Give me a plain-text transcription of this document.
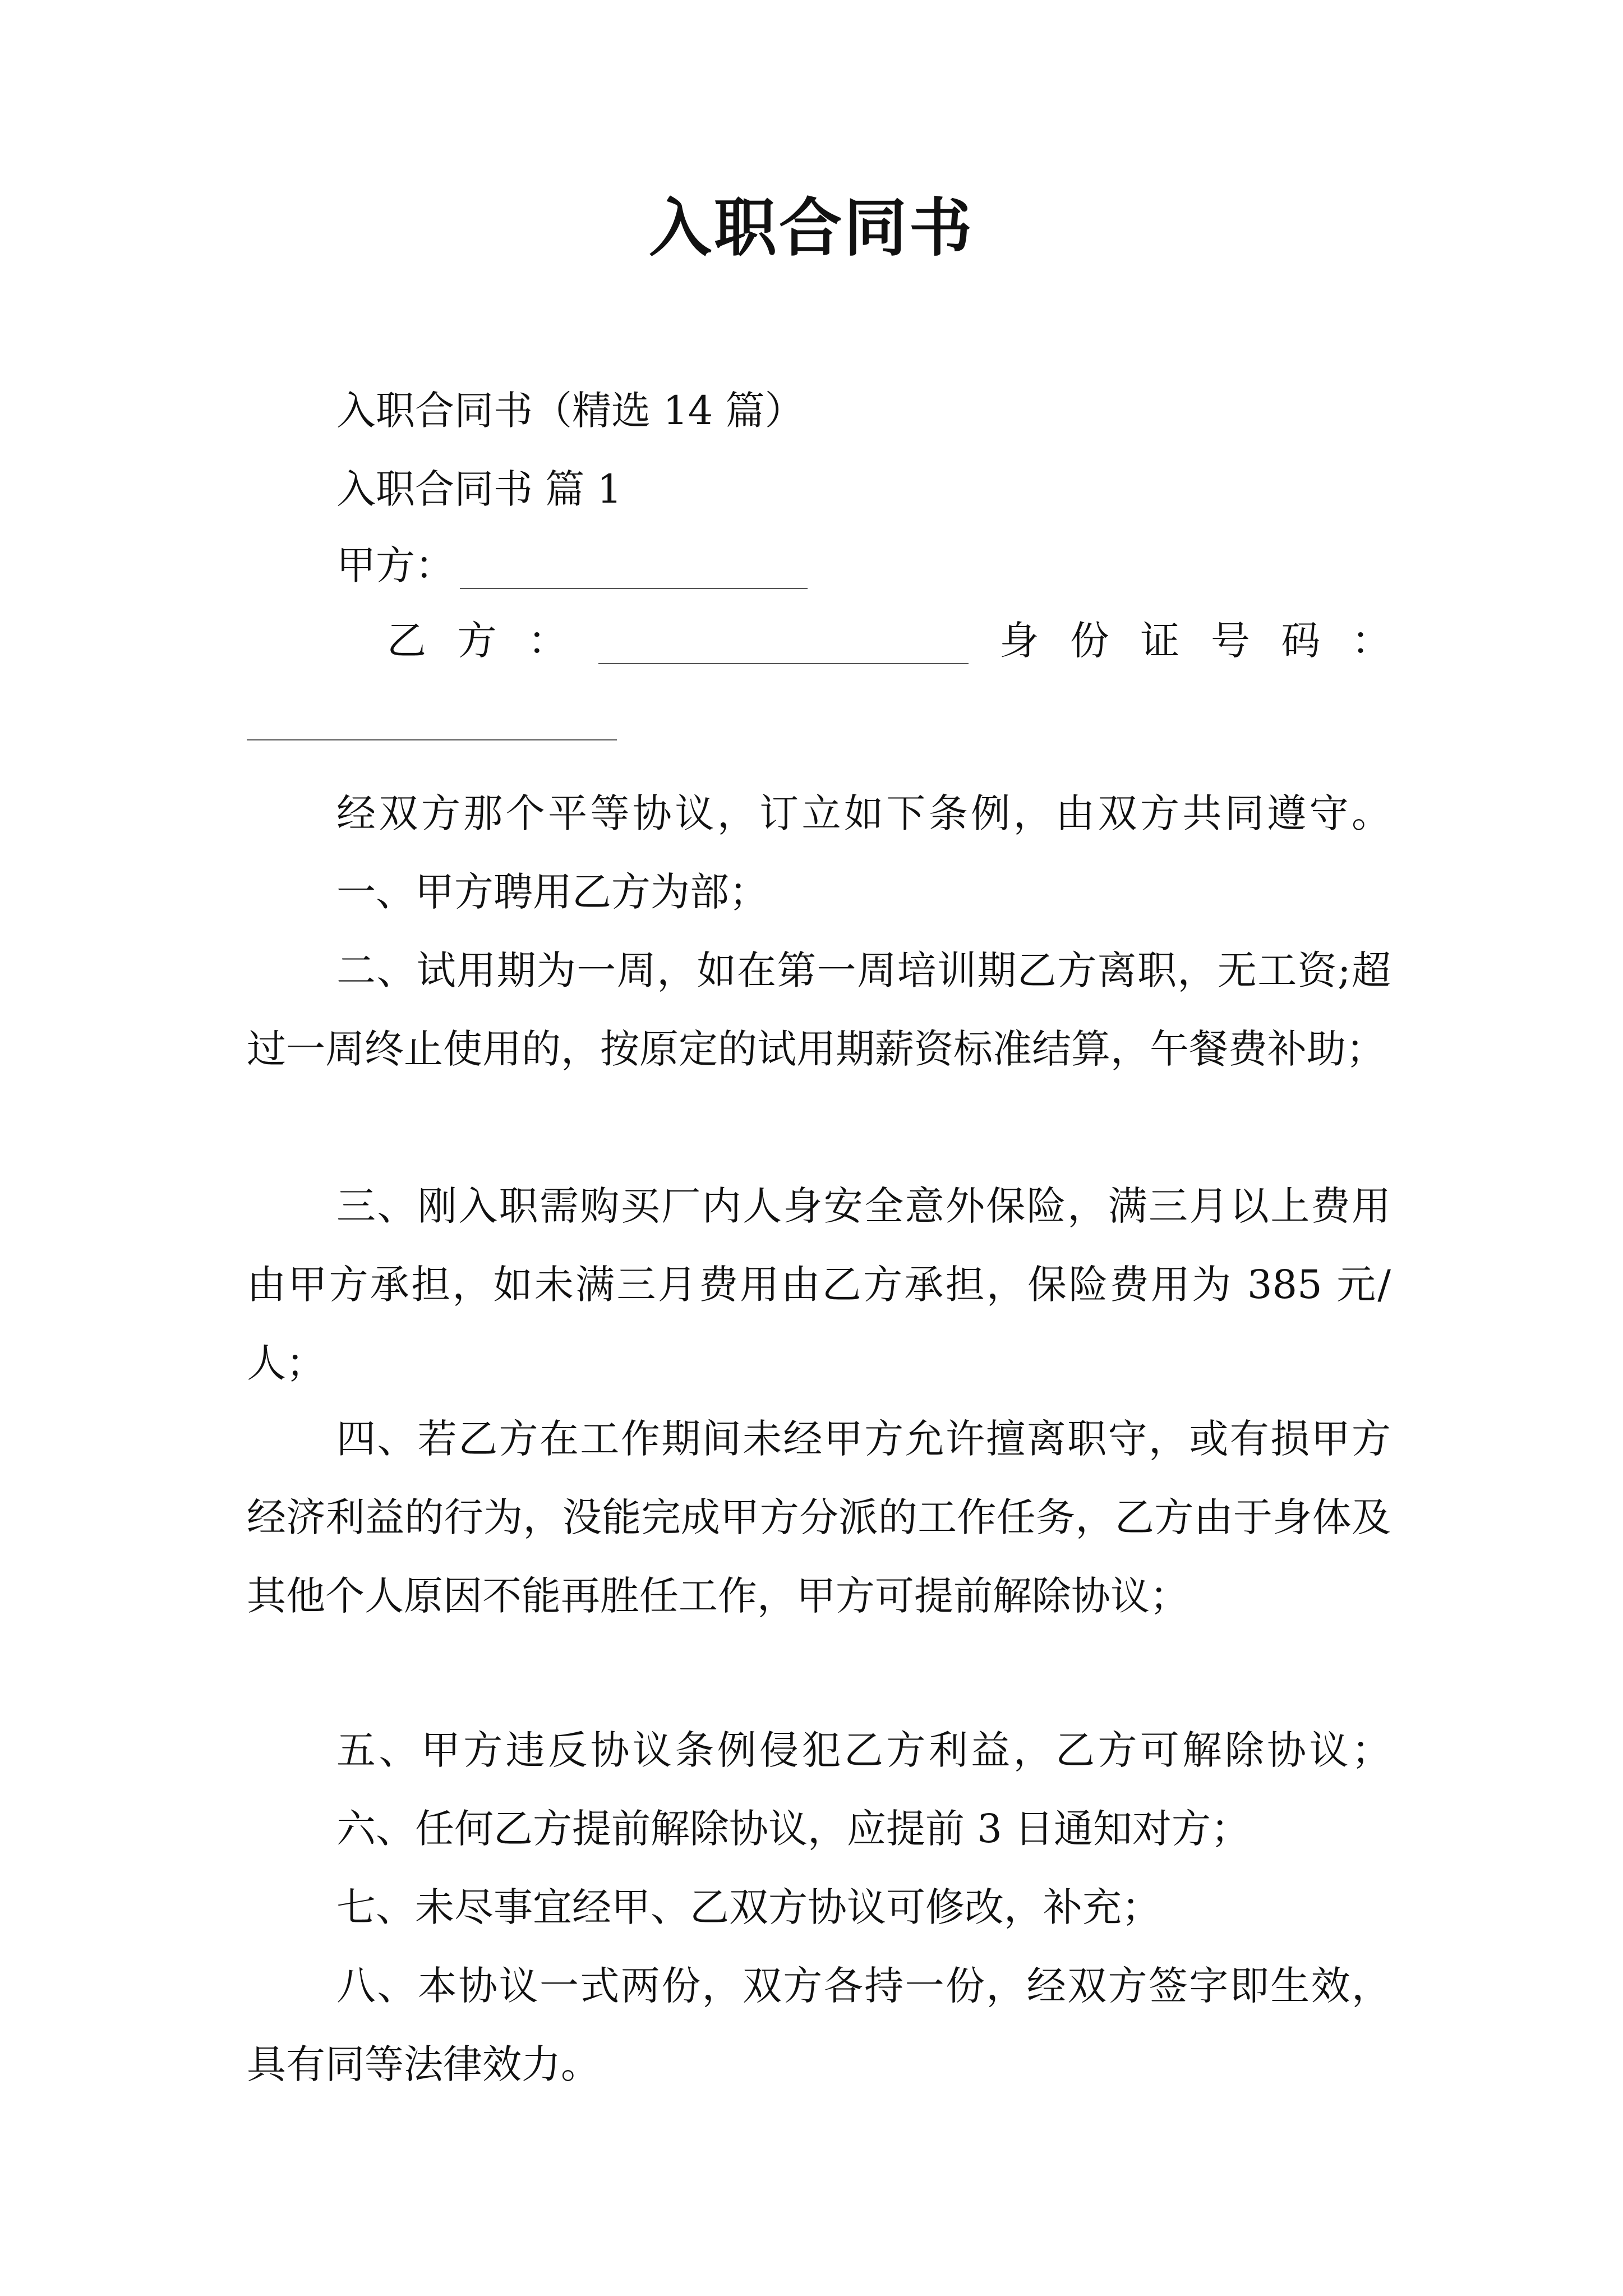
入职合同书
入职合同书（精选 14 篇）
入职合同书 篇 1
甲方：
乙 方 ：	身 份 证 号 码 ：

经双方那个平等协议，订立如下条例，由双方共同遵守。

一、甲方聘用乙方为部；

二、试用期为一周，如在第一周培训期乙方离职，无工资;超过一周终止使用的，按原定的试用期薪资标准结算，午餐费补助；

三、刚入职需购买厂内人身安全意外保险，满三月以上费用由甲方承担，如未满三月费用由乙方承担，保险费用为 385 元/人；

四、若乙方在工作期间未经甲方允许擅离职守，或有损甲方经济利益的行为，没能完成甲方分派的工作任务，乙方由于身体及其他个人原因不能再胜任工作，甲方可提前解除协议；

五、甲方违反协议条例侵犯乙方利益，乙方可解除协议；

六、任何乙方提前解除协议，应提前 3 日通知对方；

七、未尽事宜经甲、乙双方协议可修改，补充；

八、本协议一式两份，双方各持一份，经双方签字即生效，具有同等法律效力。
